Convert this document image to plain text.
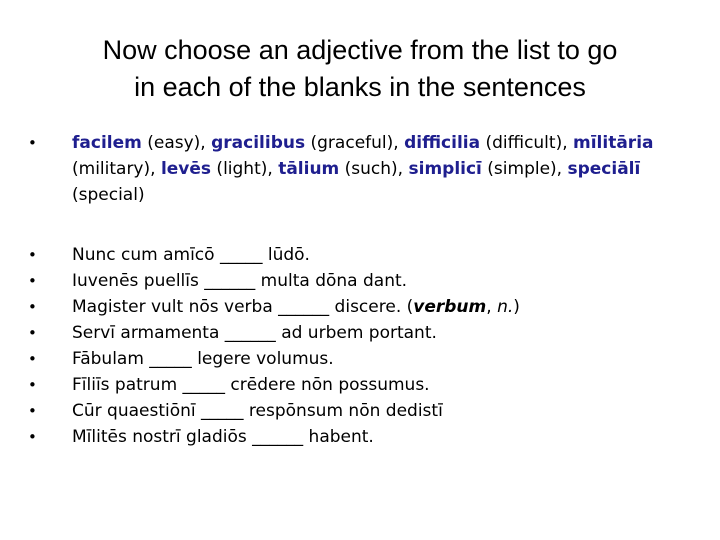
Now choose an adjective from the list to go
in each of the blanks in the sentences
•	facilem (easy), gracilibus (graceful), difficilia (difficult), mīlitāria (military), levēs (light), tālium (such), simplicī (simple), speciālī (special)
•	Nunc cum amīcō _____ lūdō.
•	Iuvenēs puellīs ______ multa dōna dant.
•	Magister vult nōs verba ______ discere. (verbum, n.)
•	Servī armamenta ______ ad urbem portant.
•	Fābulam _____ legere volumus.
•	Fīliīs patrum _____ crēdere nōn possumus.
•	Cūr quaestiōnī _____ respōnsum nōn dedistī
•	Mīlitēs nostrī gladiōs ______ habent.
